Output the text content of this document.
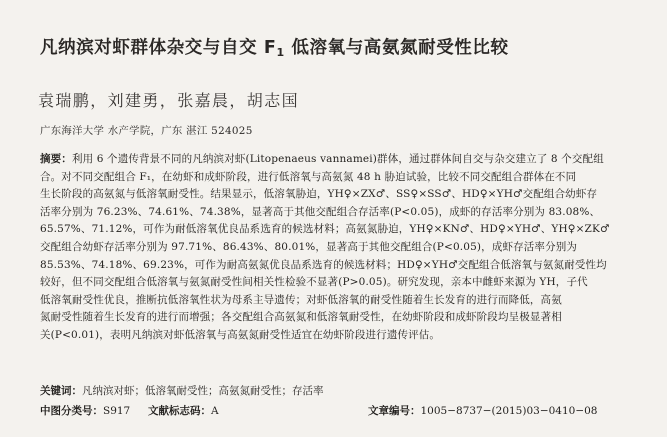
凡纳滨对虾群体杂交与自交 $F_1$ 低溶氧与高氨氮耐受性比较
袁瑞鹏，刘建勇，张嘉晨，胡志国
广东海洋大学 水产学院，广东 湛江 524025
摘要：利用 6 个遗传背景不同的凡纳滨对虾(Litopenaeus vannamei)群体，通过群体间自交与杂交建立了 8 个交配组
合。对不同交配组合 F₁，在幼虾和成虾阶段，进行低溶氧与高氨氮 48 h 胁迫试验，比较不同交配组合群体在不同
生长阶段的高氨氮与低溶氧耐受性。结果显示，低溶氧胁迫，YH♀×ZX♂、SS♀×SS♂、HD♀×YH♂交配组合幼虾存
活率分别为 76.23%、74.61%、74.38%，显著高于其他交配组合存活率(P<0.05)，成虾的存活率分别为 83.08%、
65.57%、71.12%，可作为耐低溶氧优良品系选育的候选材料；高氨氮胁迫，YH♀×KN♂、HD♀×YH♂、YH♀×ZK♂
交配组合幼虾存活率分别为 97.71%、86.43%、80.01%，显著高于其他交配组合(P<0.05)，成虾存活率分别为
85.53%、74.18%、69.23%，可作为耐高氨氮优良品系选育的候选材料；HD♀×YH♂交配组合低溶氧与氨氮耐受性均
较好，但不同交配组合低溶氧与氨氮耐受性间相关性检验不显著(P>0.05)。研究发现，亲本中雌虾来源为 YH，子代
低溶氧耐受性优良，推断抗低溶氧性状为母系主导遗传；对虾低溶氧的耐受性随着生长发育的进行而降低，高氨
氮耐受性随着生长发育的进行而增强；各交配组合高氨氮和低溶氧耐受性，在幼虾阶段和成虾阶段均呈极显著相
关(P<0.01)，表明凡纳滨对虾低溶氧与高氨氮耐受性适宜在幼虾阶段进行遗传评估。
关键词：凡纳滨对虾；低溶氧耐受性；高氨氮耐受性；存活率
中图分类号：S917 文献标志码：A	文章编号：1005−8737−(2015)03−0410−08
